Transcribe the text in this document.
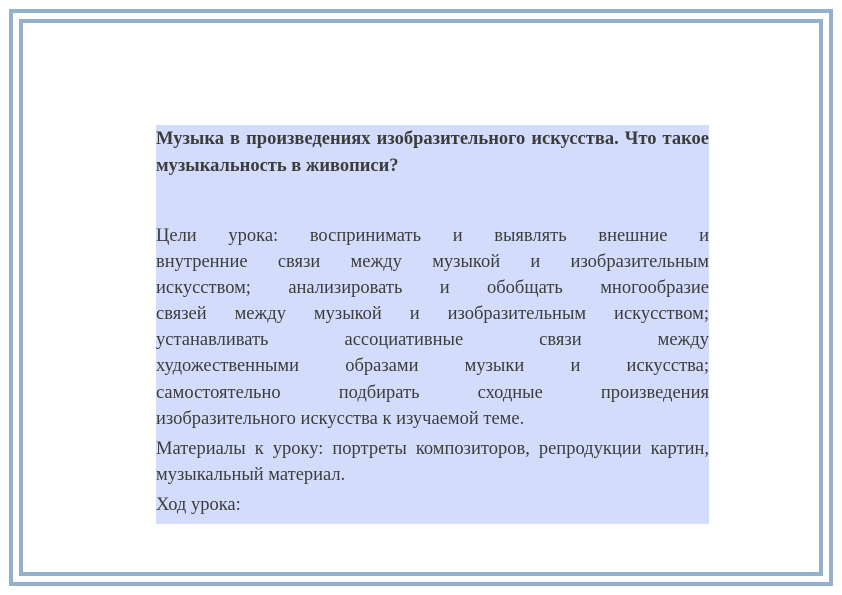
Музыка в произведениях изобразительного искусства. Что такое музыкальность в живописи?

Цели урока: воспринимать и выявлять внешние и
внутренние связи между музыкой и изобразительным
искусством; анализировать и обобщать многообразие
связей между музыкой и изобразительным искусством;
устанавливать ассоциативные связи между
художественными образами музыки и искусства;
самостоятельно подбирать сходные произведения
изобразительного искусства к изучаемой теме.

Материалы к уроку: портреты композиторов, репродукции картин, музыкальный материал.

Ход урока:
